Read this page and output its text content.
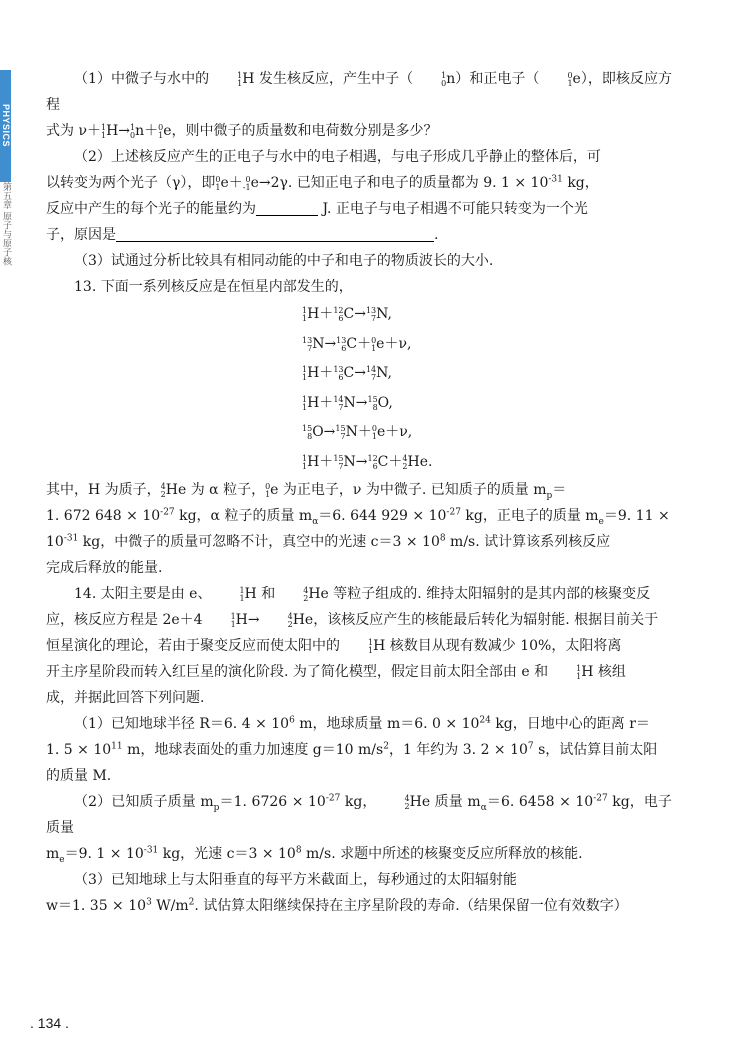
PHYSICS
第五章 原子与原子核

（1）中微子与水中的	1
1 H 发生核反应，产生中子（	1
0 n）和正电子（	0
1 e），即核反应方程

式为 ν＋ 1
1 H→ 1
0 n＋ 0
1 e，则中微子的质量数和电荷数分别是多少？

（2）上述核反应产生的正电子与水中的电子相遇，与电子形成几乎静止的整体后，可

以转变为两个光子（γ），即 0
1 e＋ 0
-1 e→2γ. 已知正电子和电子的质量都为 9. $1 \times 10^{-31}$ kg，

反应中产生的每个光子的能量约为	J. 正电子与电子相遇不可能只转变为一个光

子，原因是	.

（3）试通过分析比较具有相同动能的中子和电子的物质波长的大小.

13. 下面一系列核反应是在恒星内部发生的，

1
1 H＋ 12
6 C→ 13
7 N,
13
7 N→ 13
6 C＋ 0
1 e＋ν,
1
1 H＋ 13
6 C→ 14
7 N,
1
1 H＋ 14
7 N→ 15
8 O,
15
8 O→ 15
7 N＋ 0
1 e＋ν,
1
1 H＋ 15
7 N→ 12
6 C＋ 4
2 He.

其中，H 为质子， 4
2 He 为 α 粒子， 0
1 e 为正电子，ν 为中微子. 已知质子的质量 $m_p=$
1. 672 $648 \times 10^{-27}$ kg，α 粒子的质量 $m_\alpha=6$. 644 $929 \times 10^{-27}$ kg，正电子的质量 $m_e=9$. 11 ×
$10^{-31}$ kg，中微子的质量可忽略不计，真空中的光速 $c=3 \times 10^8$ m/s. 试计算该系列核反应
完成后释放的能量.

14. 太阳主要是由 e、	1
1 H 和	4
2 He 等粒子组成的. 维持太阳辐射的是其内部的核聚变反
应，核反应方程是 2e＋4	1
1 H→	4
2 He，该核反应产生的核能最后转化为辐射能. 根据目前关于
恒星演化的理论，若由于聚变反应而使太阳中的	1
1 H 核数目从现有数减少 10%，太阳将离
开主序星阶段而转入红巨星的演化阶段. 为了简化模型，假定目前太阳全部由 e 和	1
1 H 核组
成，并据此回答下列问题.

（1）已知地球半径 R＝6. $4 \times 10^6$ m，地球质量 m＝6. $0 \times 10^{24}$ kg，日地中心的距离 r＝
1. $5 \times 10^{11}$ m，地球表面处的重力加速度 g＝10 $m/s^2$，1 年约为 3. $2 \times 10^7$ s，试估算目前太阳
的质量 M.

（2）已知质子质量 $m_p=1$. $6726 \times 10^{-27}$ kg，	4
2 He 质量 $m_\alpha=6$. $6458 \times 10^{-27}$ kg，电子质量
$m_e=9$. $1 \times 10^{-31}$ kg，光速 $c=3 \times 10^8$ m/s. 求题中所述的核聚变反应所释放的核能.

（3）已知地球上与太阳垂直的每平方米截面上，每秒通过的太阳辐射能
w＝1. $35 \times 10^3$ $W/m^2$. 试估算太阳继续保持在主序星阶段的寿命.（结果保留一位有效数字）

. 134 .
